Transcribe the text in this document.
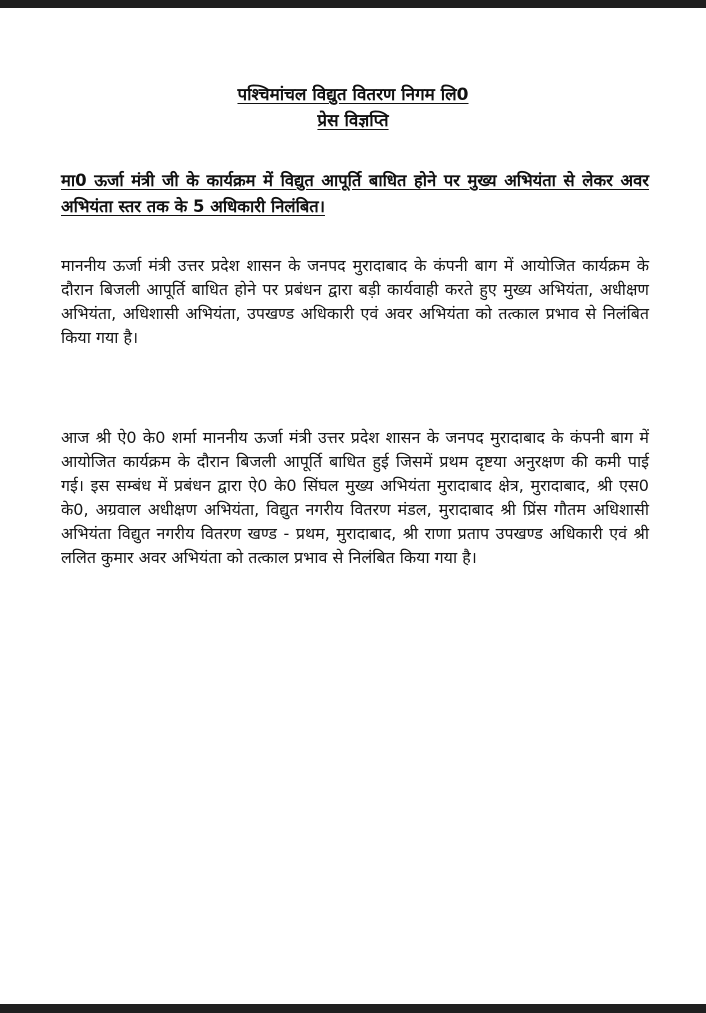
पश्चिमांचल विद्युत वितरण निगम लि0
प्रेस विज्ञप्ति
मा0 ऊर्जा मंत्री जी के कार्यक्रम में विद्युत आपूर्ति बाधित होने पर मुख्य अभियंता से लेकर अवर अभियंता स्तर तक के 5 अधिकारी निलंबित।

माननीय ऊर्जा मंत्री उत्तर प्रदेश शासन के जनपद मुरादाबाद के कंपनी बाग में आयोजित कार्यक्रम के दौरान बिजली आपूर्ति बाधित होने पर प्रबंधन द्वारा बड़ी कार्यवाही करते हुए मुख्य अभियंता, अधीक्षण अभियंता, अधिशासी अभियंता, उपखण्ड अधिकारी एवं अवर अभियंता को तत्काल प्रभाव से निलंबित किया गया है।

आज श्री ऐ0 के0 शर्मा माननीय ऊर्जा मंत्री उत्तर प्रदेश शासन के जनपद मुरादाबाद के कंपनी बाग में आयोजित कार्यक्रम के दौरान बिजली आपूर्ति बाधित हुई जिसमें प्रथम दृष्टया अनुरक्षण की कमी पाई गई। इस सम्बंध में प्रबंधन द्वारा ऐ0 के0 सिंघल मुख्य अभियंता मुरादाबाद क्षेत्र, मुरादाबाद, श्री एस0 के0, अग्रवाल अधीक्षण अभियंता, विद्युत नगरीय वितरण मंडल, मुरादाबाद श्री प्रिंस गौतम अधिशासी अभियंता विद्युत नगरीय वितरण खण्ड - प्रथम, मुरादाबाद, श्री राणा प्रताप उपखण्ड अधिकारी एवं श्री ललित कुमार अवर अभियंता को तत्काल प्रभाव से निलंबित किया गया है।
